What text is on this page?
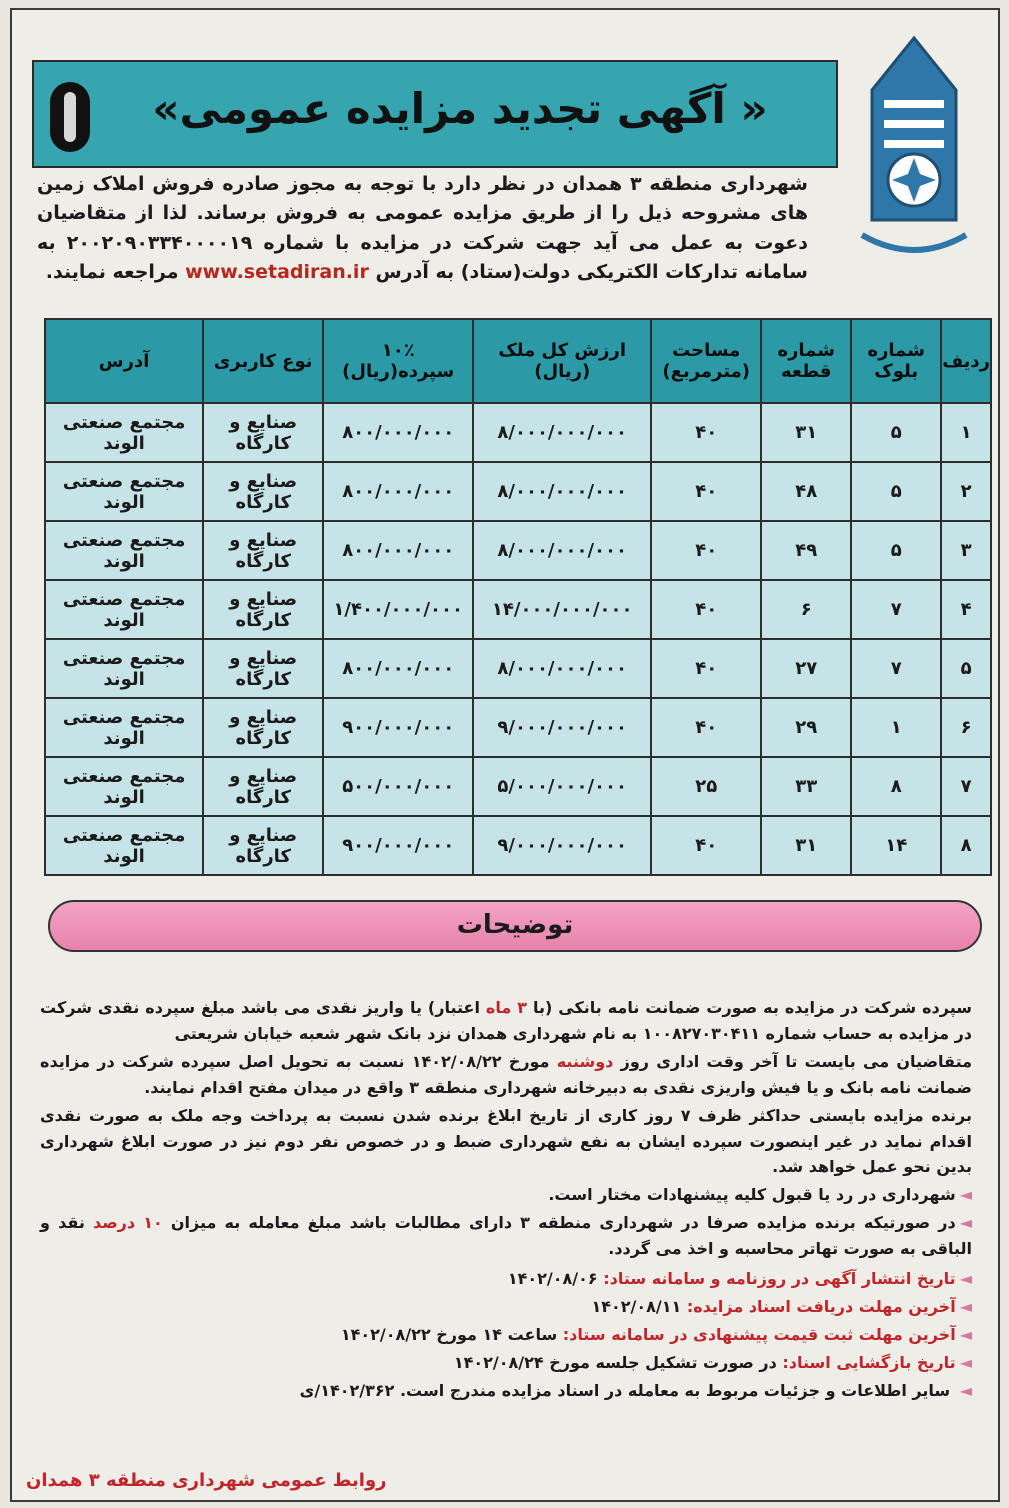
« آگهی تجدید مزایده عمومی»
شهرداری منطقه ۳ همدان در نظر دارد با توجه به مجوز صادره فروش املاک زمین های مشروحه ذیل را از طریق مزایده عمومی به فروش برساند. لذا از متقاضیان دعوت به عمل می آید جهت شرکت در مزایده با شماره ۲۰۰۲۰۹۰۳۳۴۰۰۰۰۱۹ به سامانه تدارکات الکتریکی دولت(ستاد) به آدرس www.setadiran.ir مراجعه نمایند.
ردیف	شماره بلوک	شماره قطعه	مساحت (مترمربع)	ارزش کل ملک (ریال)	۱۰٪ سپرده(ریال)	نوع کاربری	آدرس
۱	۵	۳۱	۴۰	۸/۰۰۰/۰۰۰/۰۰۰	۸۰۰/۰۰۰/۰۰۰	صنایع و کارگاه	مجتمع صنعتی الوند
۲	۵	۴۸	۴۰	۸/۰۰۰/۰۰۰/۰۰۰	۸۰۰/۰۰۰/۰۰۰	صنایع و کارگاه	مجتمع صنعتی الوند
۳	۵	۴۹	۴۰	۸/۰۰۰/۰۰۰/۰۰۰	۸۰۰/۰۰۰/۰۰۰	صنایع و کارگاه	مجتمع صنعتی الوند
۴	۷	۶	۴۰	۱۴/۰۰۰/۰۰۰/۰۰۰	۱/۴۰۰/۰۰۰/۰۰۰	صنایع و کارگاه	مجتمع صنعتی الوند
۵	۷	۲۷	۴۰	۸/۰۰۰/۰۰۰/۰۰۰	۸۰۰/۰۰۰/۰۰۰	صنایع و کارگاه	مجتمع صنعتی الوند
۶	۱	۲۹	۴۰	۹/۰۰۰/۰۰۰/۰۰۰	۹۰۰/۰۰۰/۰۰۰	صنایع و کارگاه	مجتمع صنعتی الوند
۷	۸	۳۳	۲۵	۵/۰۰۰/۰۰۰/۰۰۰	۵۰۰/۰۰۰/۰۰۰	صنایع و کارگاه	مجتمع صنعتی الوند
۸	۱۴	۳۱	۴۰	۹/۰۰۰/۰۰۰/۰۰۰	۹۰۰/۰۰۰/۰۰۰	صنایع و کارگاه	مجتمع صنعتی الوند
توضیحات

سپرده شرکت در مزایده به صورت ضمانت نامه بانکی (با ۳ ماه اعتبار) یا واریز نقدی می باشد مبلغ سپرده نقدی شرکت در مزایده به حساب شماره ۱۰۰۸۲۷۰۳۰۴۱۱ به نام شهرداری همدان نزد بانک شهر شعبه خیابان شریعتی

متقاضیان می بایست تا آخر وقت اداری روز دوشنبه مورخ ۱۴۰۲/۰۸/۲۲ نسبت به تحویل اصل سپرده شرکت در مزایده ضمانت نامه بانک و یا فیش واریزی نقدی به دبیرخانه شهرداری منطقه ۳ واقع در میدان مفتح اقدام نمایند.

برنده مزایده بایستی حداکثر ظرف ۷ روز کاری از تاریخ ابلاغ برنده شدن نسبت به پرداخت وجه ملک به صورت نقدی اقدام نماید در غیر اینصورت سپرده ایشان به نفع شهرداری ضبط و در خصوص نفر دوم نیز در صورت ابلاغ شهرداری بدین نحو عمل خواهد شد.

◄شهرداری در رد یا قبول کلیه پیشنهادات مختار است.

◄در صورتیکه برنده مزایده صرفا در شهرداری منطقه ۳ دارای مطالبات باشد مبلغ معامله به میزان ۱۰ درصد نقد و الباقی به صورت تهاتر محاسبه و اخذ می گردد.

◄تاریخ انتشار آگهی در روزنامه و سامانه ستاد: ۱۴۰۲/۰۸/۰۶
◄آخرین مهلت دریافت اسناد مزایده: ۱۴۰۲/۰۸/۱۱
◄آخرین مهلت ثبت قیمت پیشنهادی در سامانه ستاد: ساعت ۱۴ مورخ ۱۴۰۲/۰۸/۲۲
◄تاریخ بازگشایی اسناد: در صورت تشکیل جلسه مورخ ۱۴۰۲/۰۸/۲۴
◄ سایر اطلاعات و جزئیات مربوط به معامله در اسناد مزایده مندرج است. ۱۴۰۲/۳۶۲/ی
روابط عمومی شهرداری منطقه ۳ همدان
